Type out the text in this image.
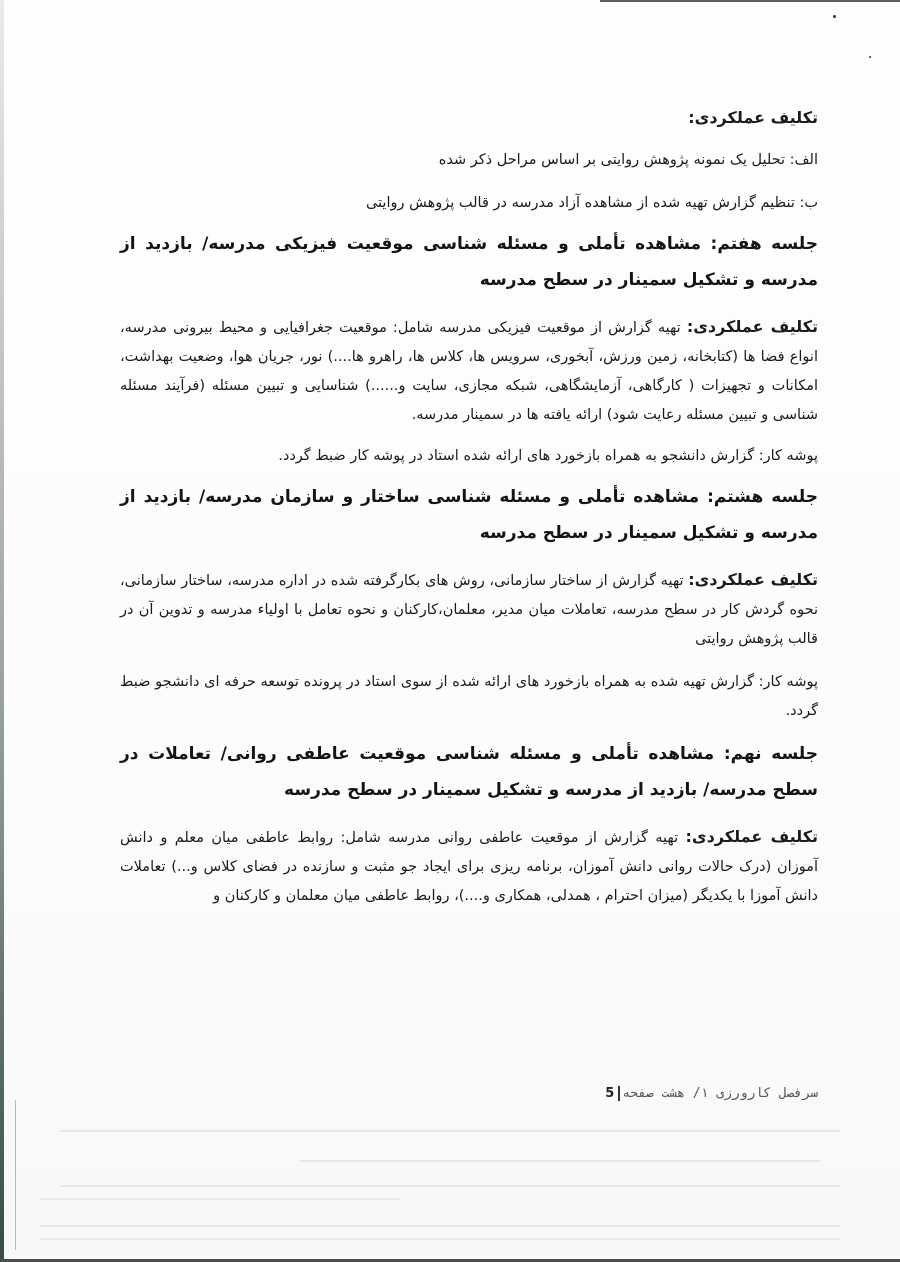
تکلیف عملکردی:

الف: تحلیل یک نمونه پژوهش روایتی بر اساس مراحل ذکر شده

ب: تنظیم گزارش تهیه شده از مشاهده آزاد مدرسه در قالب پژوهش روایتی

جلسه هفتم: مشاهده تأملی و مسئله شناسی موقعیت فیزیکی مدرسه/ بازدید از مدرسه و تشکیل سمینار در سطح مدرسه

تکلیف عملکردی: تهیه گزارش از موقعیت فیزیکی مدرسه شامل: موقعیت جغرافیایی و محیط بیرونی مدرسه، انواع فضا ها (کتابخانه، زمین ورزش، آبخوری، سرویس ها، کلاس ها، راهرو ها....) نور، جریان هوا، وضعیت بهداشت، امکانات و تجهیزات ( کارگاهی، آزمایشگاهی، شبکه مجازی، سایت و......) شناسایی و تبیین مسئله (فرآیند مسئله شناسی و تبیین مسئله رعایت شود) ارائه یافته ها در سمینار مدرسه.

پوشه کار: گزارش دانشجو به همراه بازخورد های ارائه شده استاد در پوشه کار ضبط گردد.

جلسه هشتم: مشاهده تأملی و مسئله شناسی ساختار و سازمان مدرسه/ بازدید از مدرسه و تشکیل سمینار در سطح مدرسه

تکلیف عملکردی: تهیه گزارش از ساختار سازمانی، روش های بکارگرفته شده در اداره مدرسه، ساختار سازمانی، نحوه گردش کار در سطح مدرسه، تعاملات میان مدیر، معلمان،کارکنان و نحوه تعامل با اولیاء مدرسه و تدوین آن در قالب پژوهش روایتی

پوشه کار: گزارش تهیه شده به همراه بازخورد های ارائه شده از سوی استاد در پرونده توسعه حرفه ای دانشجو ضبط گردد.

جلسه نهم: مشاهده تأملی و مسئله شناسی موقعیت عاطفی روانی/ تعاملات در سطح مدرسه/ بازدید از مدرسه و تشکیل سمینار در سطح مدرسه

تکلیف عملکردی: تهیه گزارش از موقعیت عاطفی روانی مدرسه شامل: روابط عاطفی میان معلم و دانش آموزان (درک حالات روانی دانش آموزان، برنامه ریزی برای ایجاد جو مثبت و سازنده در فضای کلاس و...) تعاملات دانش آموزا با یکدیگر (میزان احترام ، همدلی، همکاری و....)، روابط عاطفی میان معلمان و کارکنان و

سرفصل کارورزی ۱/ هشت صفحه
5
